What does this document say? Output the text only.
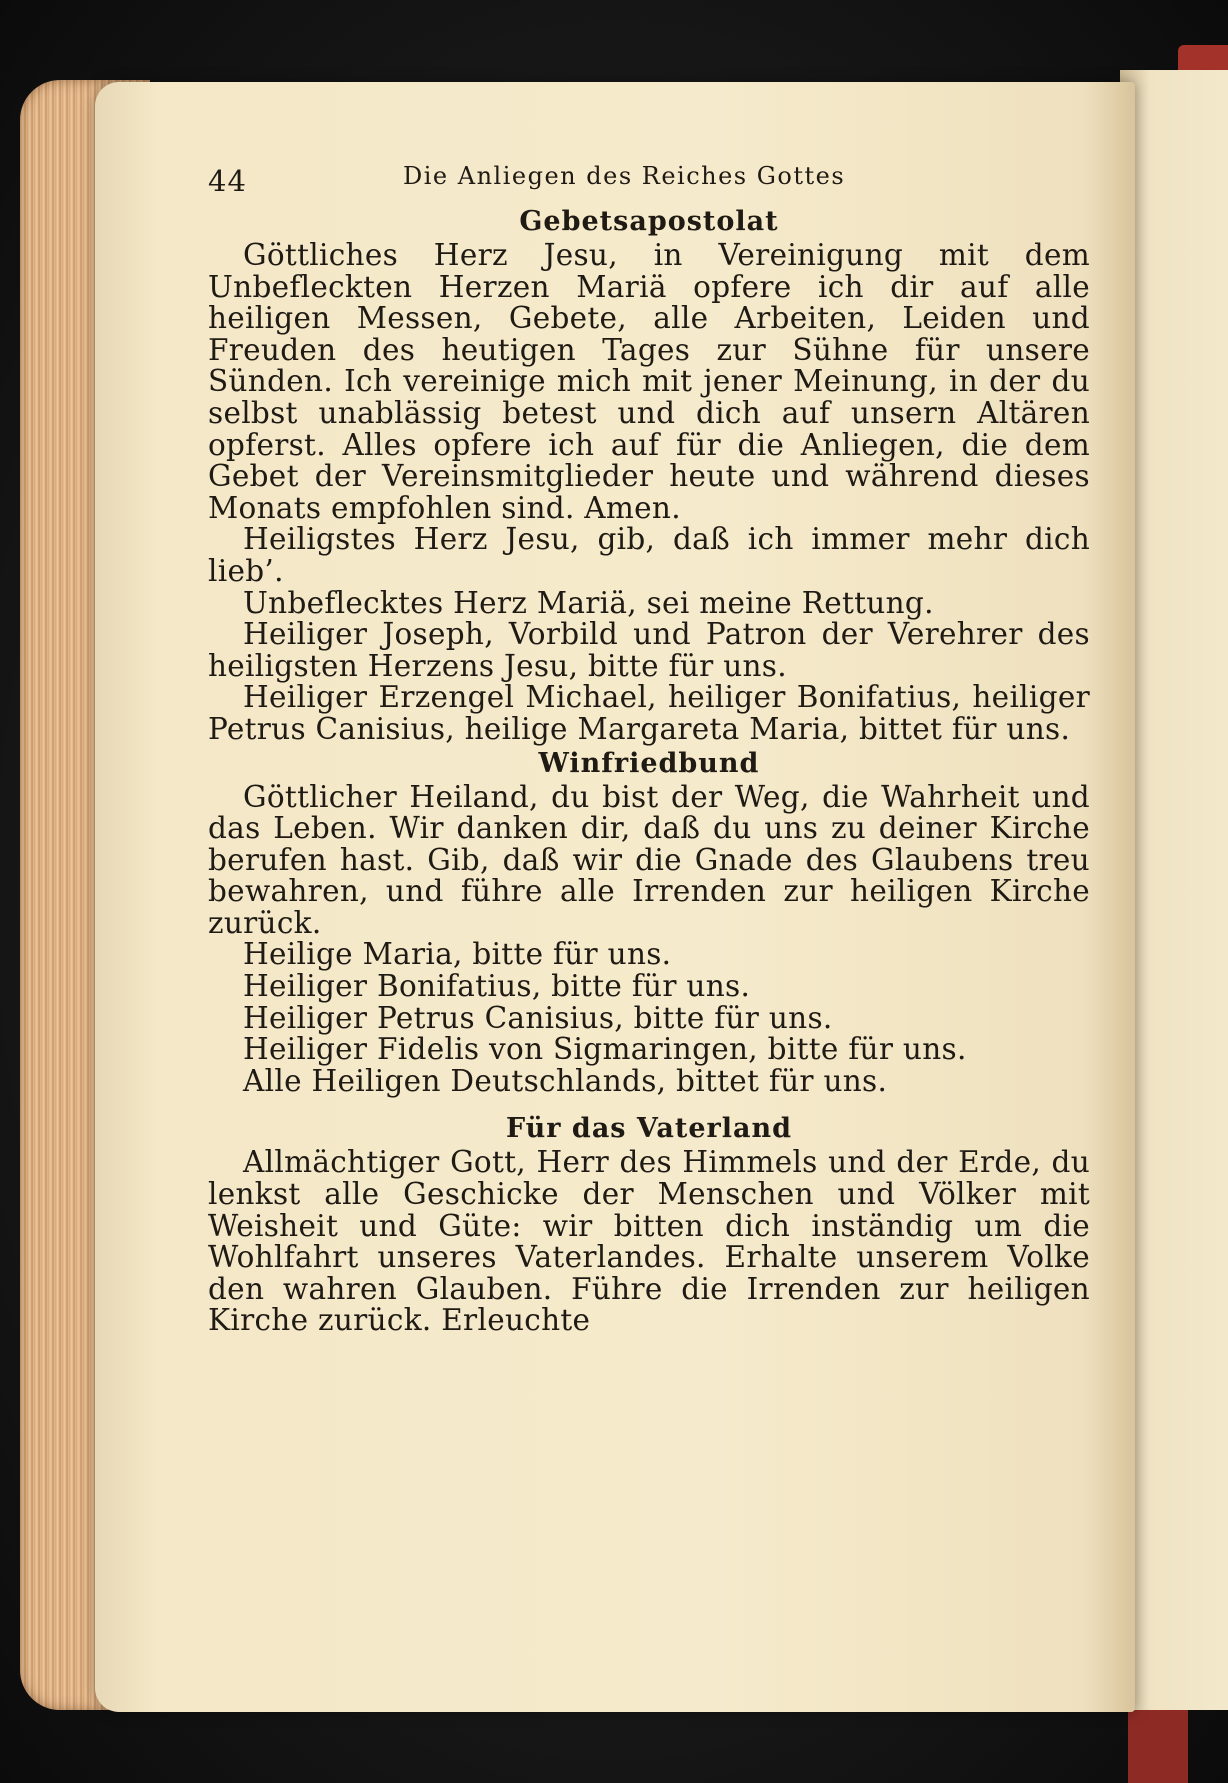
44	Die Anliegen des Reiches Gottes
Gebetsapostolat

Göttliches Herz Jesu, in Vereinigung mit dem Unbefleckten Herzen Mariä opfere ich dir auf alle heiligen Messen, Gebete, alle Arbeiten, Leiden und Freuden des heutigen Tages zur Sühne für unsere Sünden. Ich vereinige mich mit jener Meinung, in der du selbst unablässig betest und dich auf unsern Altären opferst. Alles opfere ich auf für die Anliegen, die dem Gebet der Vereinsmitglieder heute und während dieses Monats empfohlen sind. Amen.

Heiligstes Herz Jesu, gib, daß ich immer mehr dich lieb’.

Unbeflecktes Herz Mariä, sei meine Rettung.

Heiliger Joseph, Vorbild und Patron der Verehrer des heiligsten Herzens Jesu, bitte für uns.

Heiliger Erzengel Michael, heiliger Bonifatius, heiliger Petrus Canisius, heilige Margareta Maria, bittet für uns.

Winfriedbund

Göttlicher Heiland, du bist der Weg, die Wahrheit und das Leben. Wir danken dir, daß du uns zu deiner Kirche berufen hast. Gib, daß wir die Gnade des Glaubens treu bewahren, und führe alle Irrenden zur heiligen Kirche zurück.

Heilige Maria, bitte für uns.

Heiliger Bonifatius, bitte für uns.

Heiliger Petrus Canisius, bitte für uns.

Heiliger Fidelis von Sigmaringen, bitte für uns.

Alle Heiligen Deutschlands, bittet für uns.

Für das Vaterland

Allmächtiger Gott, Herr des Himmels und der Erde, du lenkst alle Geschicke der Menschen und Völker mit Weisheit und Güte: wir bitten dich inständig um die Wohlfahrt unseres Vaterlandes. Erhalte unserem Volke den wahren Glauben. Führe die Irrenden zur heiligen Kirche zurück. Erleuchte
